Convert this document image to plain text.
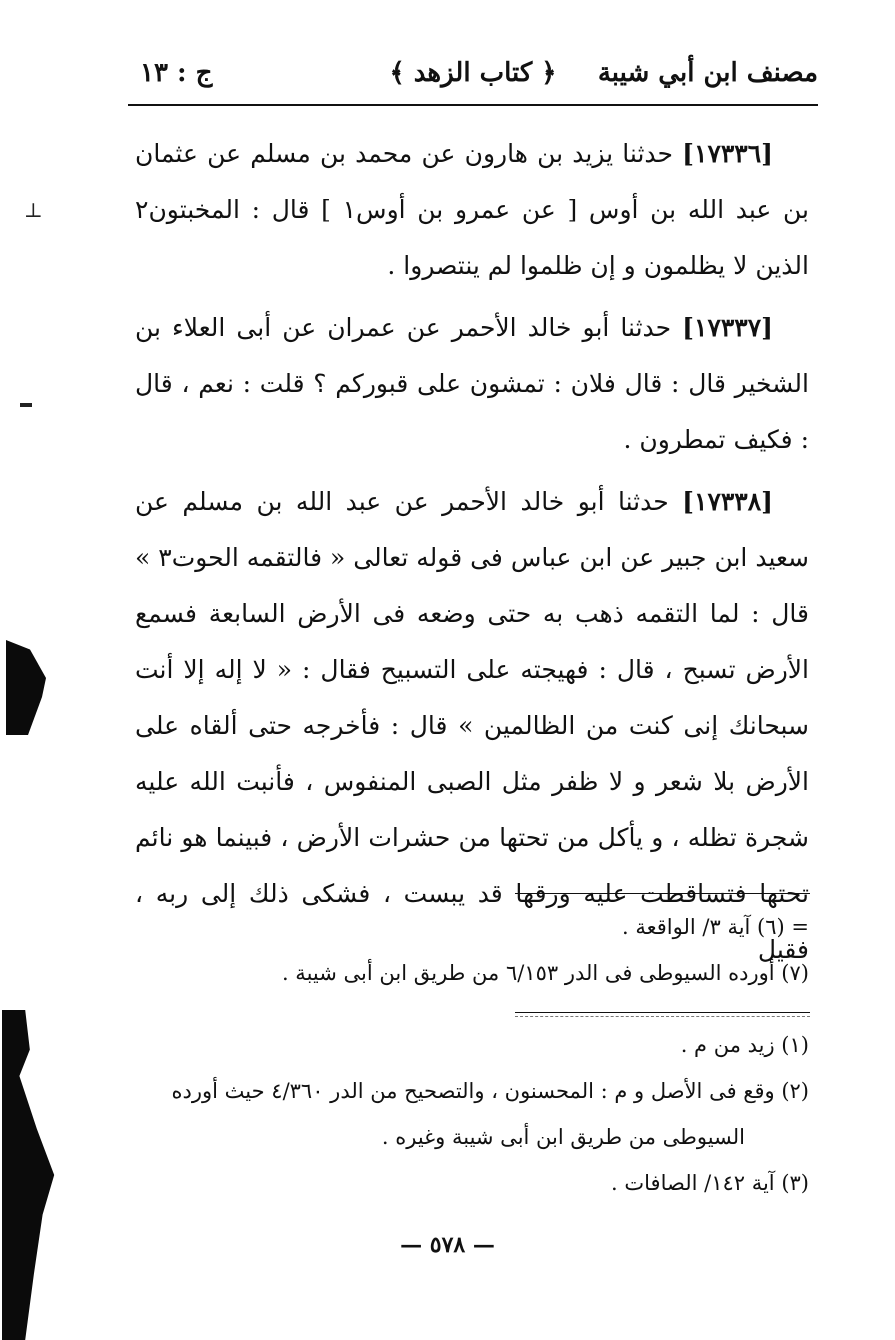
مصنف ابن أبي شيبة
﴿ كتاب الزهد ﴾
ج : ١٣

[١٧٣٣٦] حدثنا يزيد بن هارون عن محمد بن مسلم عن عثمان بن عبد الله بن أوس [ عن عمرو بن أوس١ ] قال : المخبتون٢ الذين لا يظلمون و إن ظلموا لم ينتصروا .

[١٧٣٣٧] حدثنا أبو خالد الأحمر عن عمران عن أبى العلاء بن الشخير قال : قال فلان : تمشون على قبوركم ؟ قلت : نعم ، قال : فكيف تمطرون .

[١٧٣٣٨] حدثنا أبو خالد الأحمر عن عبد الله بن مسلم عن سعيد ابن جبير عن ابن عباس فى قوله تعالى « فالتقمه الحوت٣ » قال : لما التقمه ذهب به حتى وضعه فى الأرض السابعة فسمع الأرض تسبح ، قال : فهيجته على التسبيح فقال : « لا إله إلا أنت سبحانك إنى كنت من الظالمين » قال : فأخرجه حتى ألقاه على الأرض بلا شعر و لا ظفر مثل الصبى المنفوس ، فأنبت الله عليه شجرة تظله ، و يأكل من تحتها من حشرات الأرض ، فبينما هو نائم تحتها فتساقطت عليه ورقها قد يبست ، فشكى ذلك إلى ربه ، فقيل

= (٦) آية ٣/ الواقعة .

(٧) أورده السيوطى فى الدر ٦/١٥٣ من طريق ابن أبى شيبة .

(١) زيد من م .

(٢) وقع فى الأصل و م : المحسنون ، والتصحيح من الدر ٤/٣٦٠ حيث أورده

السيوطى من طريق ابن أبى شيبة وغيره .

(٣) آية ١٤٢/ الصافات .

— ٥٧٨ —
⊥
